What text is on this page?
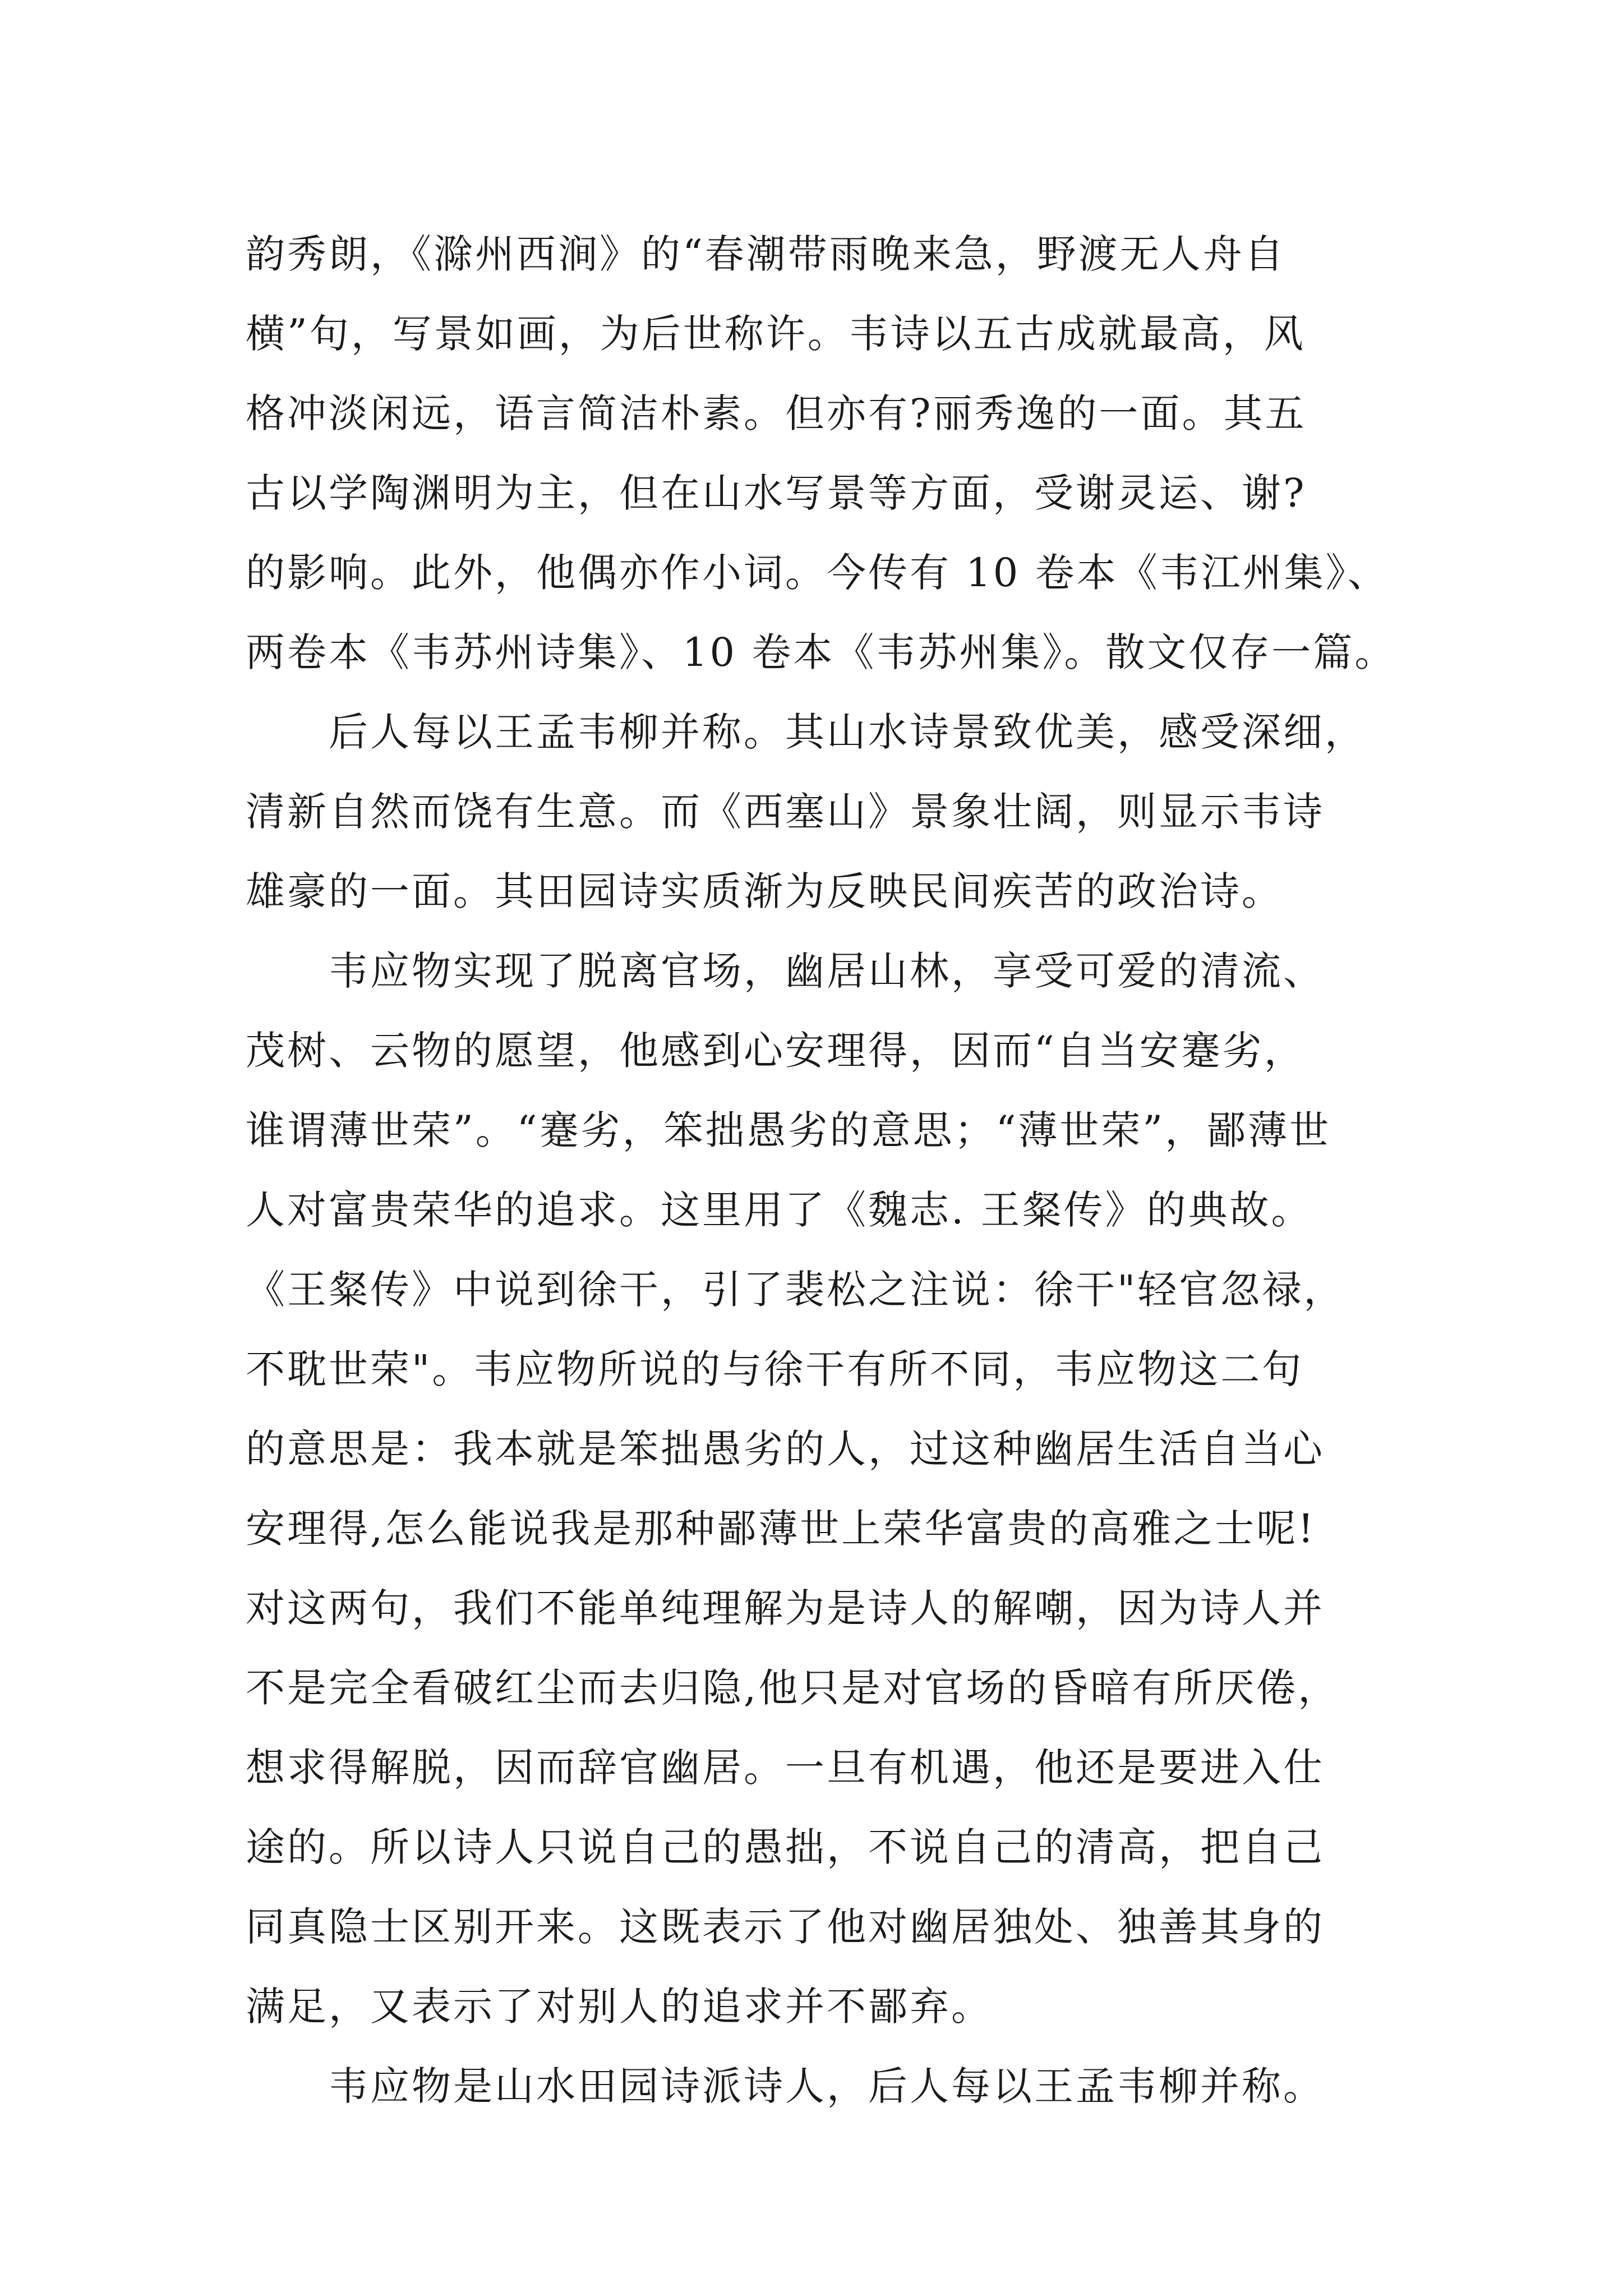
韵秀朗，《滁州西涧》的“春潮带雨晚来急，野渡无人舟自
横”句，写景如画，为后世称许。韦诗以五古成就最高，风
格冲淡闲远，语言简洁朴素。但亦有?丽秀逸的一面。其五
古以学陶渊明为主，但在山水写景等方面，受谢灵运、谢?
的影响。此外，他偶亦作小词。今传有 10 卷本《韦江州集》、
两卷本《韦苏州诗集》、10 卷本《韦苏州集》。散文仅存一篇。
　　后人每以王孟韦柳并称。其山水诗景致优美，感受深细，
清新自然而饶有生意。而《西塞山》景象壮阔，则显示韦诗
雄豪的一面。其田园诗实质渐为反映民间疾苦的政治诗。
　　韦应物实现了脱离官场，幽居山林，享受可爱的清流、
茂树、云物的愿望，他感到心安理得，因而“自当安蹇劣，
谁谓薄世荣”。“蹇劣，笨拙愚劣的意思；“薄世荣”，鄙薄世
人对富贵荣华的追求。这里用了《魏志. 王粲传》的典故。
《王粲传》中说到徐干，引了裴松之注说：徐干"轻官忽禄，
不耽世荣"。韦应物所说的与徐干有所不同，韦应物这二句
的意思是：我本就是笨拙愚劣的人，过这种幽居生活自当心
安理得,怎么能说我是那种鄙薄世上荣华富贵的高雅之士呢!
对这两句，我们不能单纯理解为是诗人的解嘲，因为诗人并
不是完全看破红尘而去归隐,他只是对官场的昏暗有所厌倦，
想求得解脱，因而辞官幽居。一旦有机遇，他还是要进入仕
途的。所以诗人只说自己的愚拙，不说自己的清高，把自己
同真隐士区别开来。这既表示了他对幽居独处、独善其身的
满足，又表示了对别人的追求并不鄙弃。
　　韦应物是山水田园诗派诗人，后人每以王孟韦柳并称。
